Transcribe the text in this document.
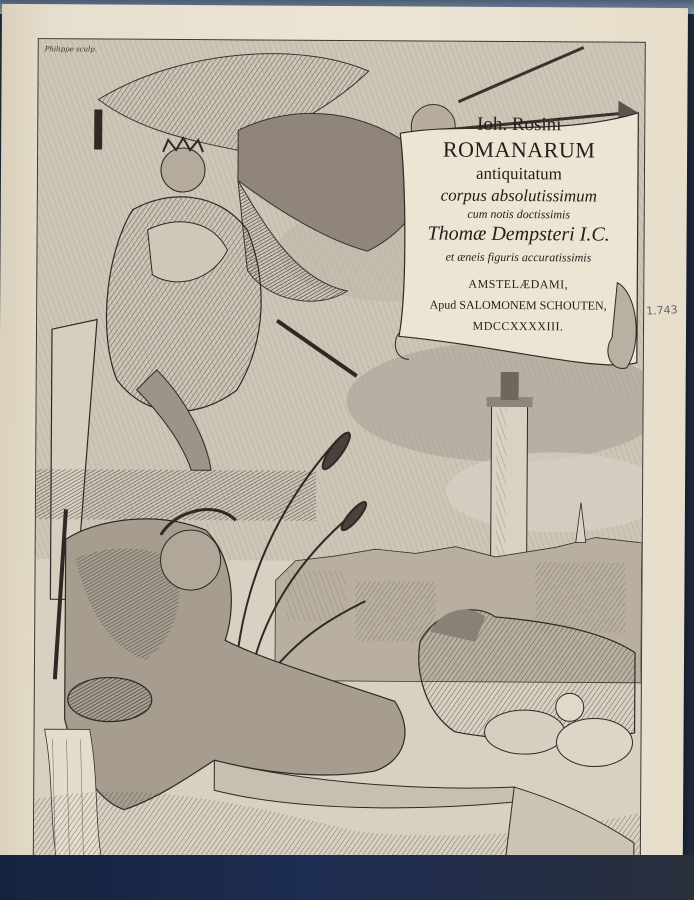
Philippe sculp.
Ioh. Rosini
ROMANARUM
antiquitatum
corpus absolutissimum
cum notis doctissimis
Thomæ Dempsteri I.C.
et æneis figuris accuratissimis
AMSTELÆDAMI,
Apud SALOMONEM SCHOUTEN,
MDCCXXXXIII.
1.743
